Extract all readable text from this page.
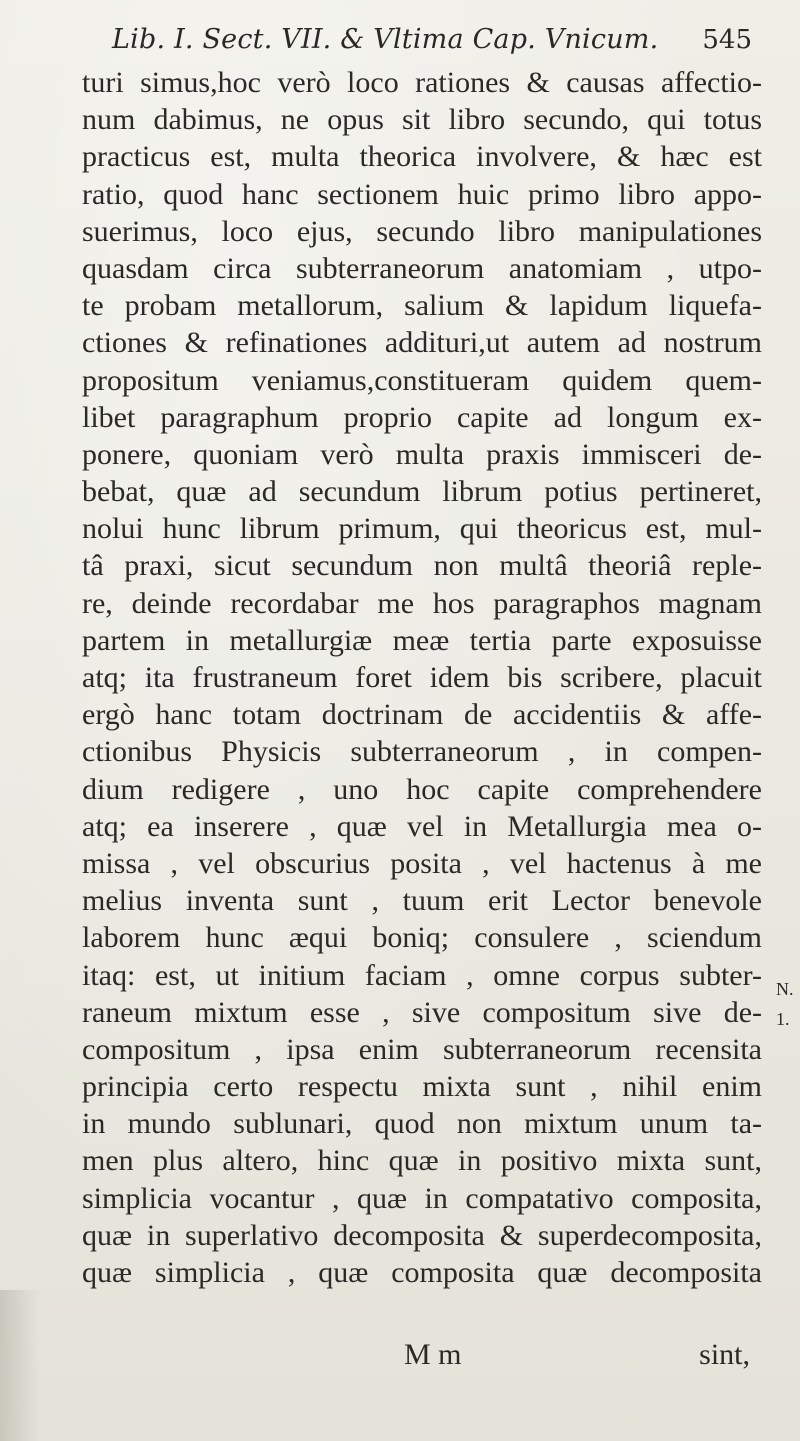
Lib. I. Sect. VII. & Vltima Cap. Vnicum. 545
turi simus,hoc verò loco rationes & causas affectio-
num dabimus, ne opus sit libro secundo, qui totus
practicus est, multa theorica involvere, & hæc est
ratio, quod hanc sectionem huic primo libro appo-
suerimus, loco ejus, secundo libro manipulationes
quasdam circa subterraneorum anatomiam , utpo-
te probam metallorum, salium & lapidum liquefa-
ctiones & refinationes addituri,ut autem ad nostrum
propositum veniamus,constitueram quidem quem-
libet paragraphum proprio capite ad longum ex-
ponere, quoniam verò multa praxis immisceri de-
bebat, quæ ad secundum librum potius pertineret,
nolui hunc librum primum, qui theoricus est, mul-
tâ praxi, sicut secundum non multâ theoriâ reple-
re, deinde recordabar me hos paragraphos magnam
partem in metallurgiæ meæ tertia parte exposuisse
atq; ita frustraneum foret idem bis scribere, placuit
ergò hanc totam doctrinam de accidentiis & affe-
ctionibus Physicis subterraneorum , in compen-
dium redigere , uno hoc capite comprehendere
atq; ea inserere , quæ vel in Metallurgia mea o-
missa , vel obscurius posita , vel hactenus à me
melius inventa sunt , tuum erit Lector benevole
laborem hunc æqui boniq; consulere , sciendum
itaq: est, ut initium faciam , omne corpus subter-
raneum mixtum esse , sive compositum sive de-
compositum , ipsa enim subterraneorum recensita
principia certo respectu mixta sunt , nihil enim
in mundo sublunari, quod non mixtum unum ta-
men plus altero, hinc quæ in positivo mixta sunt,
simplicia vocantur , quæ in compatativo composita,
quæ in superlativo decomposita & superdecomposita,
quæ simplicia , quæ composita quæ decomposita
N.
1.
M m	sint,
